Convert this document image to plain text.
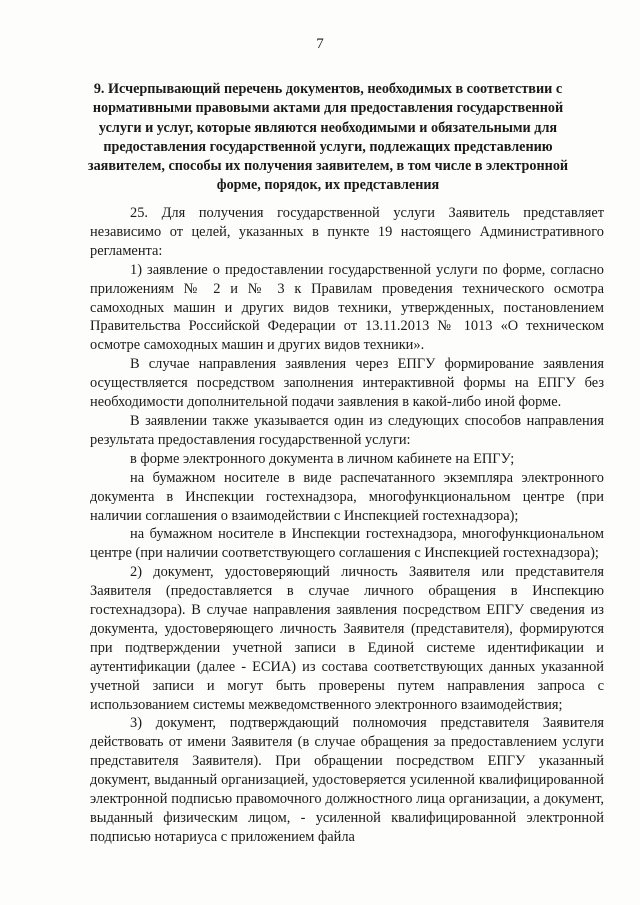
7
9. Исчерпывающий перечень документов, необходимых в соответствии с нормативными правовыми актами для предоставления государственной услуги и услуг, которые являются необходимыми и обязательными для предоставления государственной услуги, подлежащих представлению заявителем, способы их получения заявителем, в том числе в электронной форме, порядок, их представления

25. Для получения государственной услуги Заявитель представляет независимо от целей, указанных в пункте 19 настоящего Административного регламента:

1) заявление о предоставлении государственной услуги по форме, согласно приложениям № 2 и № 3 к Правилам проведения технического осмотра самоходных машин и других видов техники, утвержденных, постановлением Правительства Российской Федерации от 13.11.2013 № 1013 «О техническом осмотре самоходных машин и других видов техники».

В случае направления заявления через ЕПГУ формирование заявления осуществляется посредством заполнения интерактивной формы на ЕПГУ без необходимости дополнительной подачи заявления в какой-либо иной форме.

В заявлении также указывается один из следующих способов направления результата предоставления государственной услуги:

в форме электронного документа в личном кабинете на ЕПГУ;

на бумажном носителе в виде распечатанного экземпляра электронного документа в Инспекции гостехнадзора, многофункциональном центре (при наличии соглашения о взаимодействии с Инспекцией гостехнадзора);

на бумажном носителе в Инспекции гостехнадзора, многофункциональном центре (при наличии соответствующего соглашения с Инспекцией гостехнадзора);

2) документ, удостоверяющий личность Заявителя или представителя Заявителя (предоставляется в случае личного обращения в Инспекцию гостехнадзора). В случае направления заявления посредством ЕПГУ сведения из документа, удостоверяющего личность Заявителя (представителя), формируются при подтверждении учетной записи в Единой системе идентификации и аутентификации (далее - ЕСИА) из состава соответствующих данных указанной учетной записи и могут быть проверены путем направления запроса с использованием системы межведомственного электронного взаимодействия;

3) документ, подтверждающий полномочия представителя Заявителя действовать от имени Заявителя (в случае обращения за предоставлением услуги представителя Заявителя). При обращении посредством ЕПГУ указанный документ, выданный организацией, удостоверяется усиленной квалифицированной электронной подписью правомочного должностного лица организации, а документ, выданный физическим лицом, - усиленной квалифицированной электронной подписью нотариуса с приложением файла
